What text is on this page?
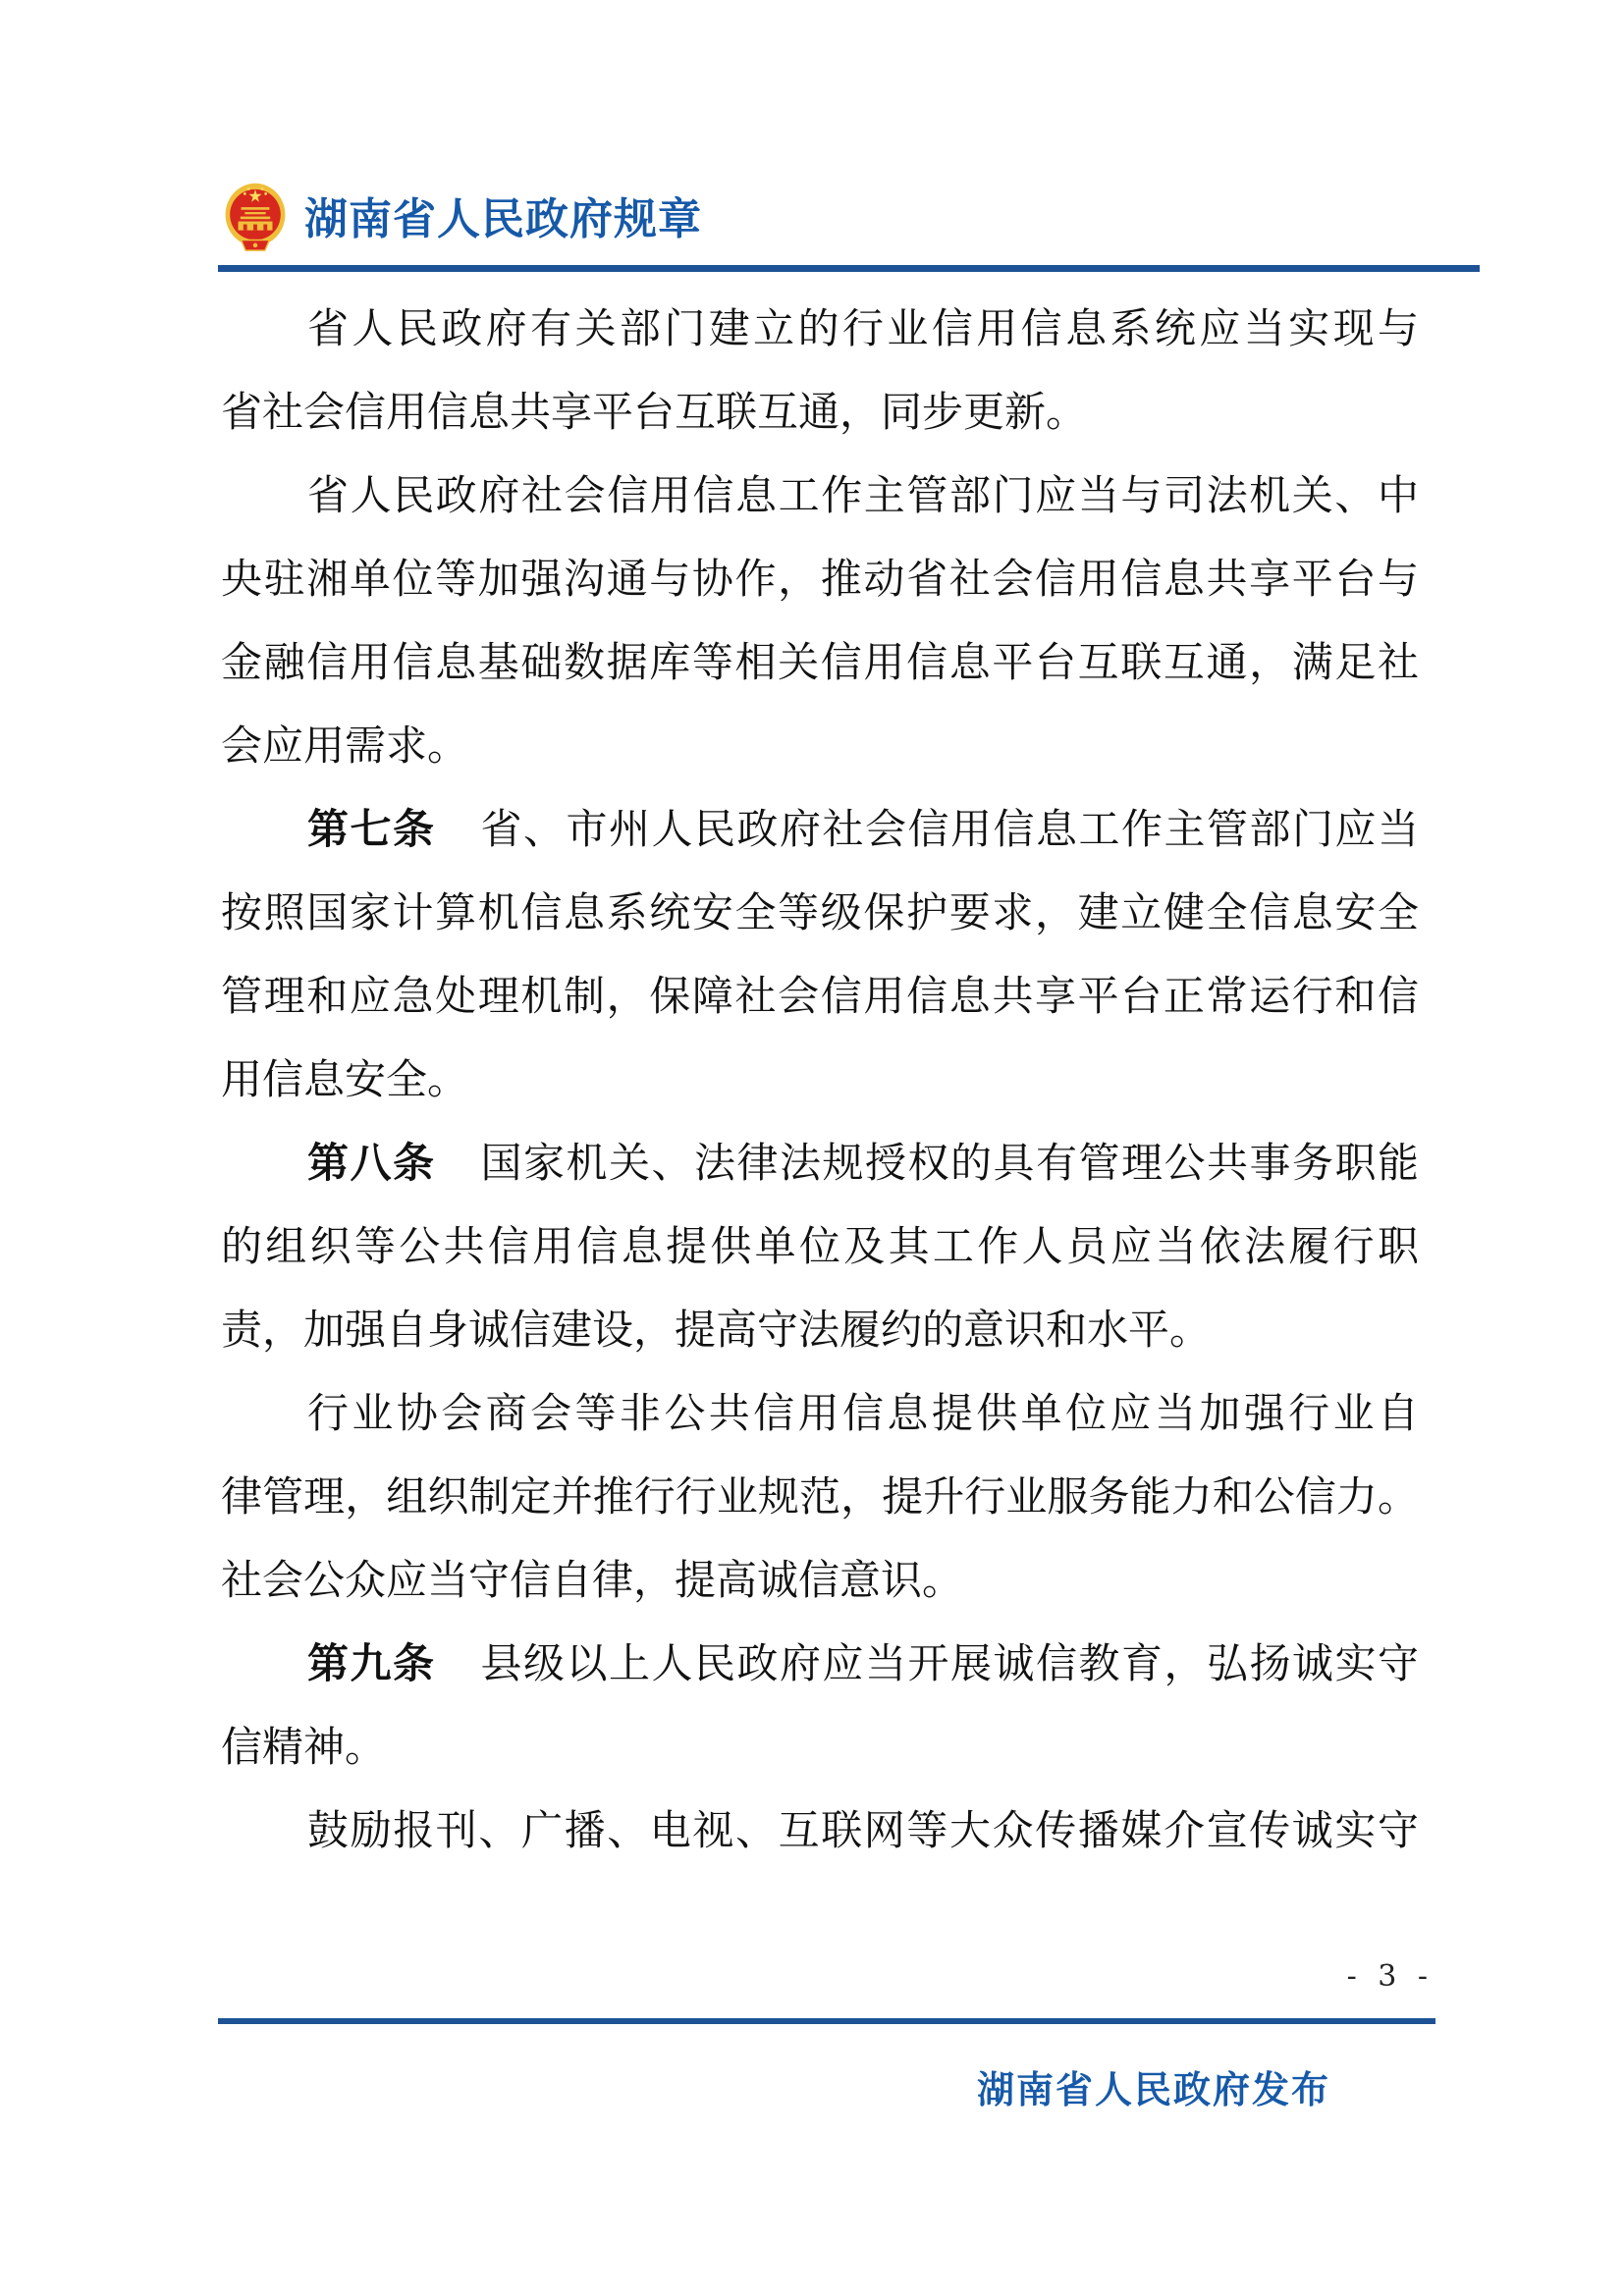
湖南省人民政府规章
省人民政府有关部门建立的行业信用信息系统应当实现与
省社会信用信息共享平台互联互通，同步更新。
省人民政府社会信用信息工作主管部门应当与司法机关、中
央驻湘单位等加强沟通与协作，推动省社会信用信息共享平台与
金融信用信息基础数据库等相关信用信息平台互联互通，满足社
会应用需求。
第七条 省、市州人民政府社会信用信息工作主管部门应当
按照国家计算机信息系统安全等级保护要求，建立健全信息安全
管理和应急处理机制，保障社会信用信息共享平台正常运行和信
用信息安全。
第八条 国家机关、法律法规授权的具有管理公共事务职能
的组织等公共信用信息提供单位及其工作人员应当依法履行职
责，加强自身诚信建设，提高守法履约的意识和水平。
行业协会商会等非公共信用信息提供单位应当加强行业自
律管理，组织制定并推行行业规范，提升行业服务能力和公信力。
社会公众应当守信自律，提高诚信意识。
第九条 县级以上人民政府应当开展诚信教育，弘扬诚实守
信精神。
鼓励报刊、广播、电视、互联网等大众传播媒介宣传诚实守
- 3 -
湖南省人民政府发布
